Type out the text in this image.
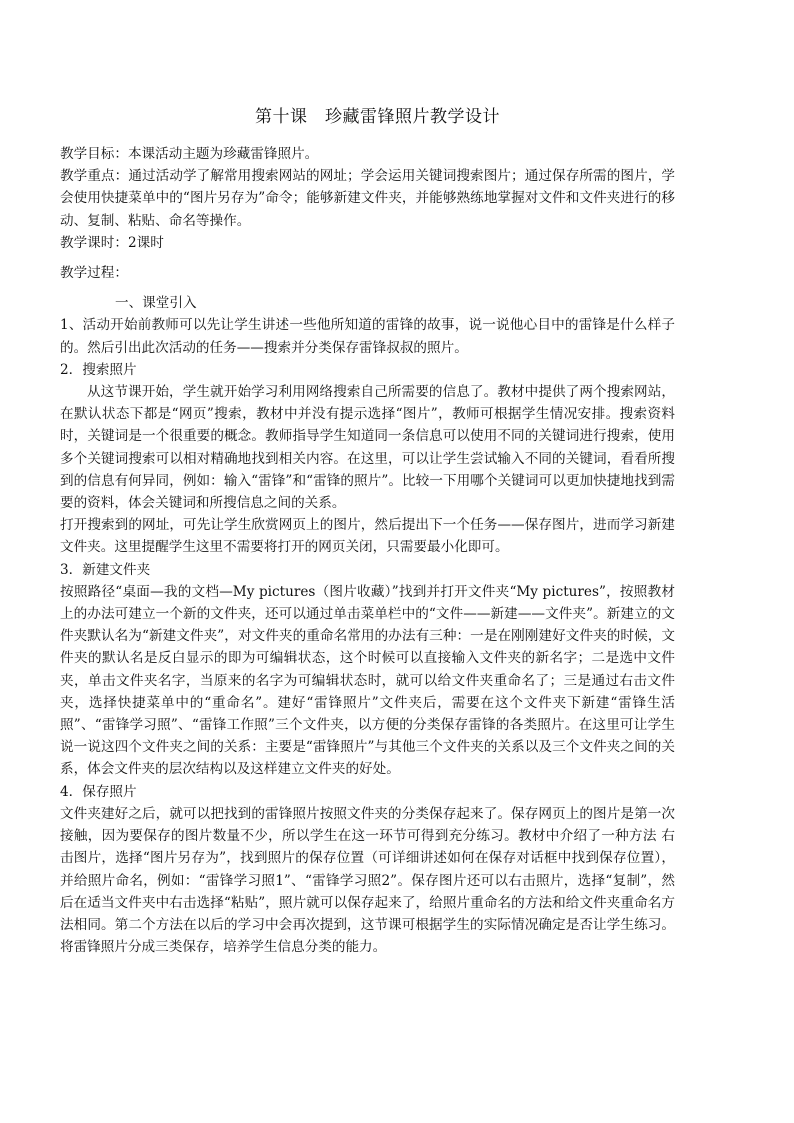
第十课　珍藏雷锋照片教学设计

教学目标：本课活动主题为珍藏雷锋照片。

教学重点：通过活动学了解常用搜索网站的网址；学会运用关键词搜索图片；通过保存所需的图片，学会使用快捷菜单中的“图片另存为”命令；能够新建文件夹，并能够熟练地掌握对文件和文件夹进行的移动、复制、粘贴、命名等操作。

教学课时：2课时

教学过程：

一、课堂引入

1、活动开始前教师可以先让学生讲述一些他所知道的雷锋的故事，说一说他心目中的雷锋是什么样子的。然后引出此次活动的任务——搜索并分类保存雷锋叔叔的照片。

2．搜索照片

从这节课开始，学生就开始学习利用网络搜索自己所需要的信息了。教材中提供了两个搜索网站，在默认状态下都是“网页”搜索，教材中并没有提示选择“图片”，教师可根据学生情况安排。搜索资料时，关键词是一个很重要的概念。教师指导学生知道同一条信息可以使用不同的关键词进行搜索，使用多个关键词搜索可以相对精确地找到相关内容。在这里，可以让学生尝试输入不同的关键词，看看所搜到的信息有何异同，例如：输入“雷锋”和“雷锋的照片”。比较一下用哪个关键词可以更加快捷地找到需要的资料，体会关键词和所搜信息之间的关系。

打开搜索到的网址，可先让学生欣赏网页上的图片，然后提出下一个任务——保存图片，进而学习新建文件夹。这里提醒学生这里不需要将打开的网页关闭，只需要最小化即可。

3．新建文件夹

按照路径“桌面—我的文档—My pictures（图片收藏）”找到并打开文件夹“My pictures”，按照教材上的办法可建立一个新的文件夹，还可以通过单击菜单栏中的“文件——新建——文件夹”。新建立的文件夹默认名为“新建文件夹”，对文件夹的重命名常用的办法有三种：一是在刚刚建好文件夹的时候，文件夹的默认名是反白显示的即为可编辑状态，这个时候可以直接输入文件夹的新名字；二是选中文件夹，单击文件夹名字，当原来的名字为可编辑状态时，就可以给文件夹重命名了；三是通过右击文件夹，选择快捷菜单中的“重命名”。建好“雷锋照片”文件夹后，需要在这个文件夹下新建“雷锋生活照”、“雷锋学习照”、“雷锋工作照”三个文件夹，以方便的分类保存雷锋的各类照片。在这里可让学生说一说这四个文件夹之间的关系：主要是“雷锋照片”与其他三个文件夹的关系以及三个文件夹之间的关系，体会文件夹的层次结构以及这样建立文件夹的好处。

4．保存照片

文件夹建好之后，就可以把找到的雷锋照片按照文件夹的分类保存起来了。保存网页上的图片是第一次接触，因为要保存的图片数量不少，所以学生在这一环节可得到充分练习。教材中介绍了一种方法 右击图片，选择“图片另存为”，找到照片的保存位置（可详细讲述如何在保存对话框中找到保存位置），并给照片命名，例如：“雷锋学习照1”、“雷锋学习照2”。保存图片还可以右击照片，选择“复制”，然后在适当文件夹中右击选择“粘贴”，照片就可以保存起来了，给照片重命名的方法和给文件夹重命名方法相同。第二个方法在以后的学习中会再次提到，这节课可根据学生的实际情况确定是否让学生练习。将雷锋照片分成三类保存，培养学生信息分类的能力。
